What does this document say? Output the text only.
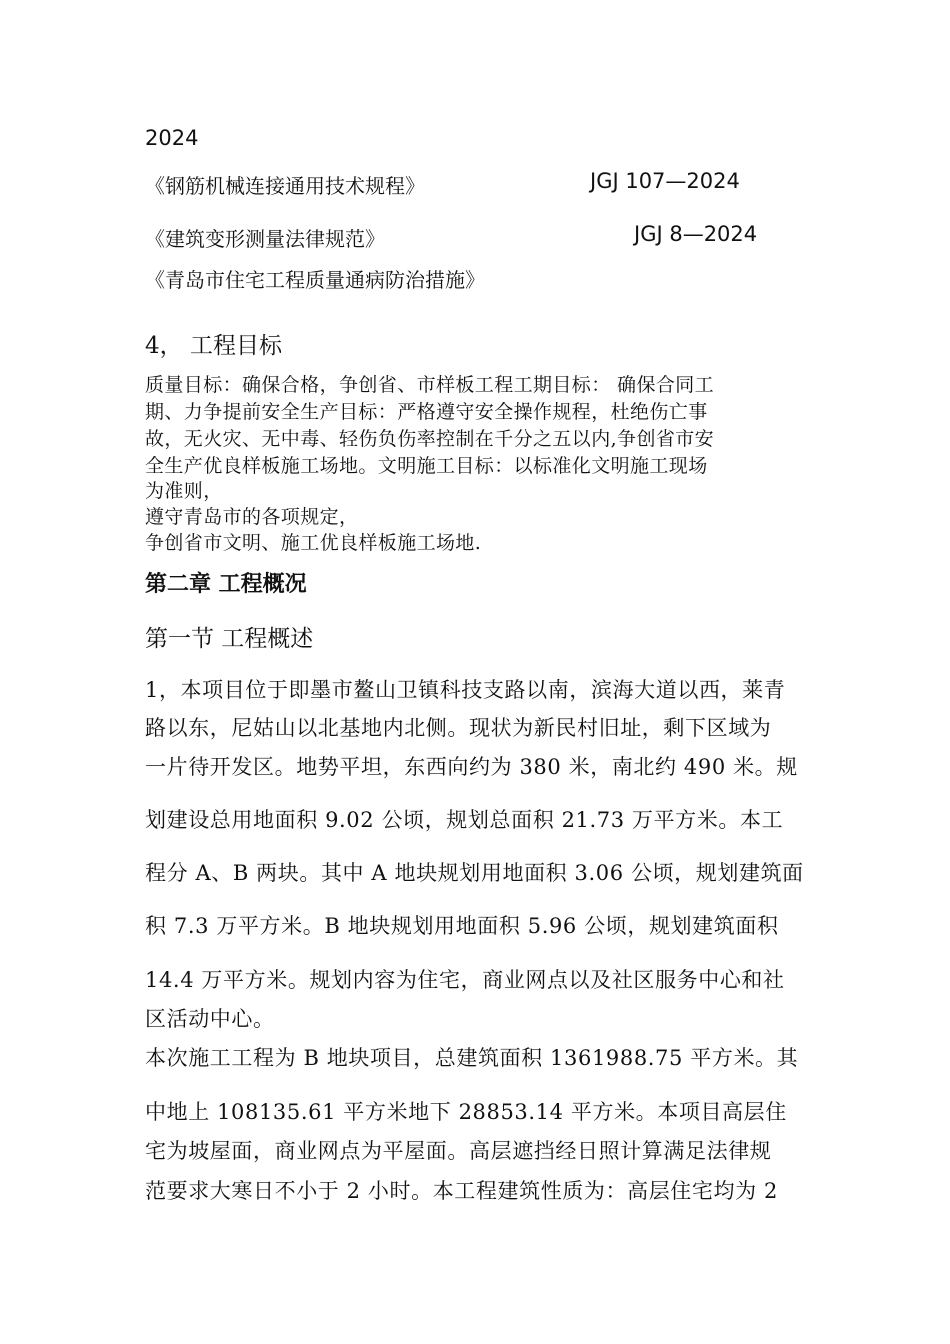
2024
《钢筋机械连接通用技术规程》	JGJ 107—2024
《建筑变形测量法律规范》	JGJ 8—2024
《青岛市住宅工程质量通病防治措施》
4， 工程目标
质量目标：确保合格，争创省、市样板工程工期目标： 确保合同工
期、力争提前安全生产目标：严格遵守安全操作规程，杜绝伤亡事
故，无火灾、无中毒、轻伤负伤率控制在千分之五以内,争创省市安
全生产优良样板施工场地。文明施工目标：以标准化文明施工现场
为准则，
遵守青岛市的各项规定，
争创省市文明、施工优良样板施工场地.
第二章 工程概况
第一节 工程概述
1，本项目位于即墨市鳌山卫镇科技支路以南，滨海大道以西，莱青
路以东，尼姑山以北基地内北侧。现状为新民村旧址，剩下区域为
一片待开发区。地势平坦，东西向约为 380 米，南北约 490 米。规
划建设总用地面积 9.02 公顷，规划总面积 21.73 万平方米。本工
程分 A、B 两块。其中 A 地块规划用地面积 3.06 公顷，规划建筑面
积 7.3 万平方米。B 地块规划用地面积 5.96 公顷，规划建筑面积
14.4 万平方米。规划内容为住宅，商业网点以及社区服务中心和社
区活动中心。
本次施工工程为 B 地块项目，总建筑面积 1361988.75 平方米。其
中地上 108135.61 平方米地下 28853.14 平方米。本项目高层住
宅为坡屋面，商业网点为平屋面。高层遮挡经日照计算满足法律规
范要求大寒日不小于 2 小时。本工程建筑性质为：高层住宅均为 2
